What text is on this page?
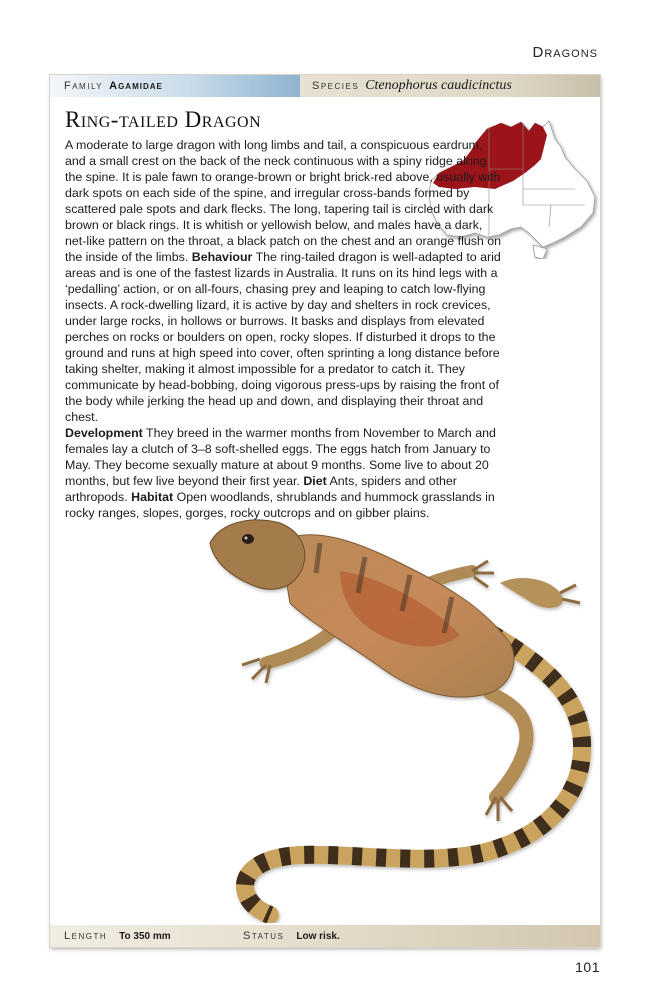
Dragons
Family Agamidae	Species Ctenophorus caudicinctus
Ring-tailed Dragon

A moderate to large dragon with long limbs and tail, a conspicuous eardrum, and a small crest on the back of the neck continuous with a spiny ridge along the spine. It is pale fawn to orange-brown or bright brick-red above, usually with dark spots on each side of the spine, and irregular cross-bands formed by scattered pale spots and dark flecks. The long, tapering tail is circled with dark brown or black rings. It is whitish or yellowish below, and males have a dark, net-like pattern on the throat, a black patch on the chest and an orange flush on the inside of the limbs. Behaviour The ring-tailed dragon is well-adapted to arid areas and is one of the fastest lizards in Australia. It runs on its hind legs with a ‘pedalling’ action, or on all-fours, chasing prey and leaping to catch low-flying insects. A rock-dwelling lizard, it is active by day and shelters in rock crevices, under large rocks, in hollows or burrows. It basks and displays from elevated perches on rocks or boulders on open, rocky slopes. If disturbed it drops to the ground and runs at high speed into cover, often sprinting a long distance before taking shelter, making it almost impossible for a predator to catch it. They communicate by head-bobbing, doing vigorous press-ups by raising the front of the body while jerking the head up and down, and displaying their throat and chest.

Development They breed in the warmer months from November to March and females lay a clutch of 3–8 soft-shelled eggs. The eggs hatch from January to May. They become sexually mature at about 9 months. Some live to about 20 months, but few live beyond their first year. Diet Ants, spiders and other arthropods. Habitat Open woodlands, shrublands and hummock grasslands in rocky ranges, slopes, gorges, rocky outcrops and on gibber plains.

Length To 350 mm	Status Low risk.
101
